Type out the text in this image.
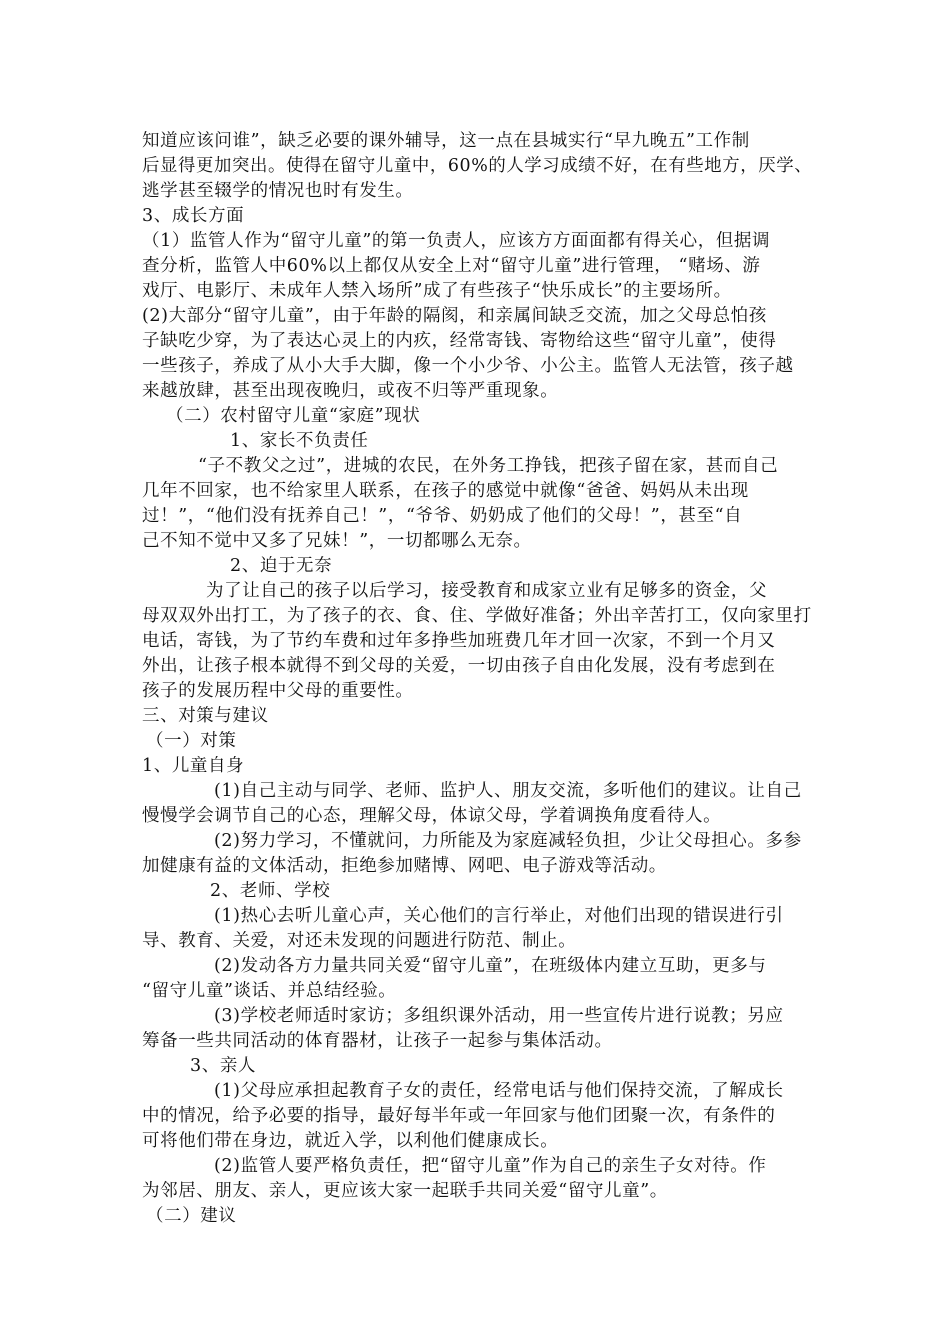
知道应该问谁”，缺乏必要的课外辅导，这一点在县城实行“早九晚五”工作制
后显得更加突出。使得在留守儿童中，60%的人学习成绩不好，在有些地方，厌学、
逃学甚至辍学的情况也时有发生。
3、成长方面
（1）监管人作为“留守儿童”的第一负责人，应该方方面面都有得关心，但据调
查分析，监管人中60%以上都仅从安全上对“留守儿童”进行管理， “赌场、游
戏厅、电影厅、未成年人禁入场所”成了有些孩子“快乐成长”的主要场所。
(2)大部分“留守儿童”，由于年龄的隔阂，和亲属间缺乏交流，加之父母总怕孩
子缺吃少穿，为了表达心灵上的内疚，经常寄钱、寄物给这些“留守儿童”，使得
一些孩子，养成了从小大手大脚，像一个小少爷、小公主。监管人无法管，孩子越
来越放肆，甚至出现夜晚归，或夜不归等严重现象。
（二）农村留守儿童“家庭”现状
1、家长不负责任
“子不教父之过”，进城的农民，在外务工挣钱，把孩子留在家，甚而自己
几年不回家，也不给家里人联系，在孩子的感觉中就像“爸爸、妈妈从未出现
过！”，“他们没有抚养自己！”，“爷爷、奶奶成了他们的父母！”，甚至“自
己不知不觉中又多了兄妹！”，一切都哪么无奈。
2、迫于无奈
为了让自己的孩子以后学习，接受教育和成家立业有足够多的资金，父
母双双外出打工，为了孩子的衣、食、住、学做好准备；外出辛苦打工，仅向家里打
电话，寄钱，为了节约车费和过年多挣些加班费几年才回一次家，不到一个月又
外出，让孩子根本就得不到父母的关爱，一切由孩子自由化发展，没有考虑到在
孩子的发展历程中父母的重要性。
三、对策与建议
（一）对策
1、儿童自身
(1)自己主动与同学、老师、监护人、朋友交流，多听他们的建议。让自己
慢慢学会调节自己的心态，理解父母，体谅父母，学着调换角度看待人。
(2)努力学习，不懂就问，力所能及为家庭减轻负担，少让父母担心。多参
加健康有益的文体活动，拒绝参加赌博、网吧、电子游戏等活动。
2、老师、学校
(1)热心去听儿童心声，关心他们的言行举止，对他们出现的错误进行引
导、教育、关爱，对还未发现的问题进行防范、制止。
(2)发动各方力量共同关爱“留守儿童”，在班级体内建立互助，更多与
“留守儿童”谈话、并总结经验。
(3)学校老师适时家访；多组织课外活动，用一些宣传片进行说教；另应
筹备一些共同活动的体育器材，让孩子一起参与集体活动。
3、亲人
(1)父母应承担起教育子女的责任，经常电话与他们保持交流，了解成长
中的情况，给予必要的指导，最好每半年或一年回家与他们团聚一次，有条件的
可将他们带在身边，就近入学，以利他们健康成长。
(2)监管人要严格负责任，把“留守儿童”作为自己的亲生子女对待。作
为邻居、朋友、亲人，更应该大家一起联手共同关爱“留守儿童”。
（二）建议
